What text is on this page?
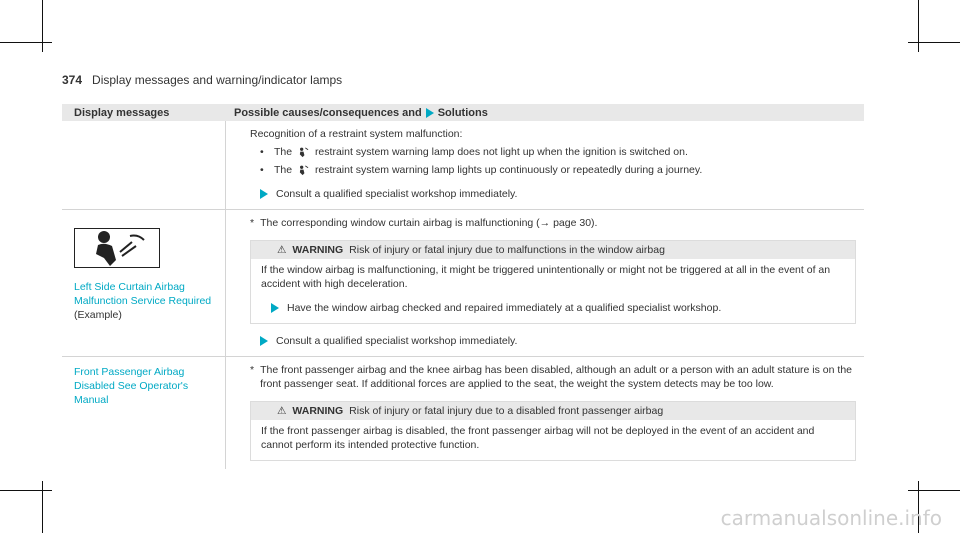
374 Display messages and warning/indicator lamps
Display messages	Possible causes/consequences and Solutions
Recognition of a restraint system malfunction:
• The restraint system warning lamp does not light up when the ignition is switched on.
• The restraint system warning lamp lights up continuously or repeatedly during a journey.
Consult a qualified specialist workshop immediately.
Left Side Curtain Airbag Malfunction Service Required (Example)
* The corresponding window curtain airbag is malfunctioning (→ page 30).
⚠ WARNING Risk of injury or fatal injury due to malfunctions in the window airbag
If the window airbag is malfunctioning, it might be triggered unintentionally or might not be triggered at all in the event of an accident with high deceleration.
Have the window airbag checked and repaired immediately at a qualified specialist workshop.
Consult a qualified specialist workshop immediately.
Front Passenger Airbag Disabled See Operator's Manual
* The front passenger airbag and the knee airbag has been disabled, although an adult or a person with an adult stature is on the front passenger seat. If additional forces are applied to the seat, the weight the system detects may be too low.
⚠ WARNING Risk of injury or fatal injury due to a disabled front passenger airbag
If the front passenger airbag is disabled, the front passenger airbag will not be deployed in the event of an accident and cannot perform its intended protective function.
carmanualsonline.info
